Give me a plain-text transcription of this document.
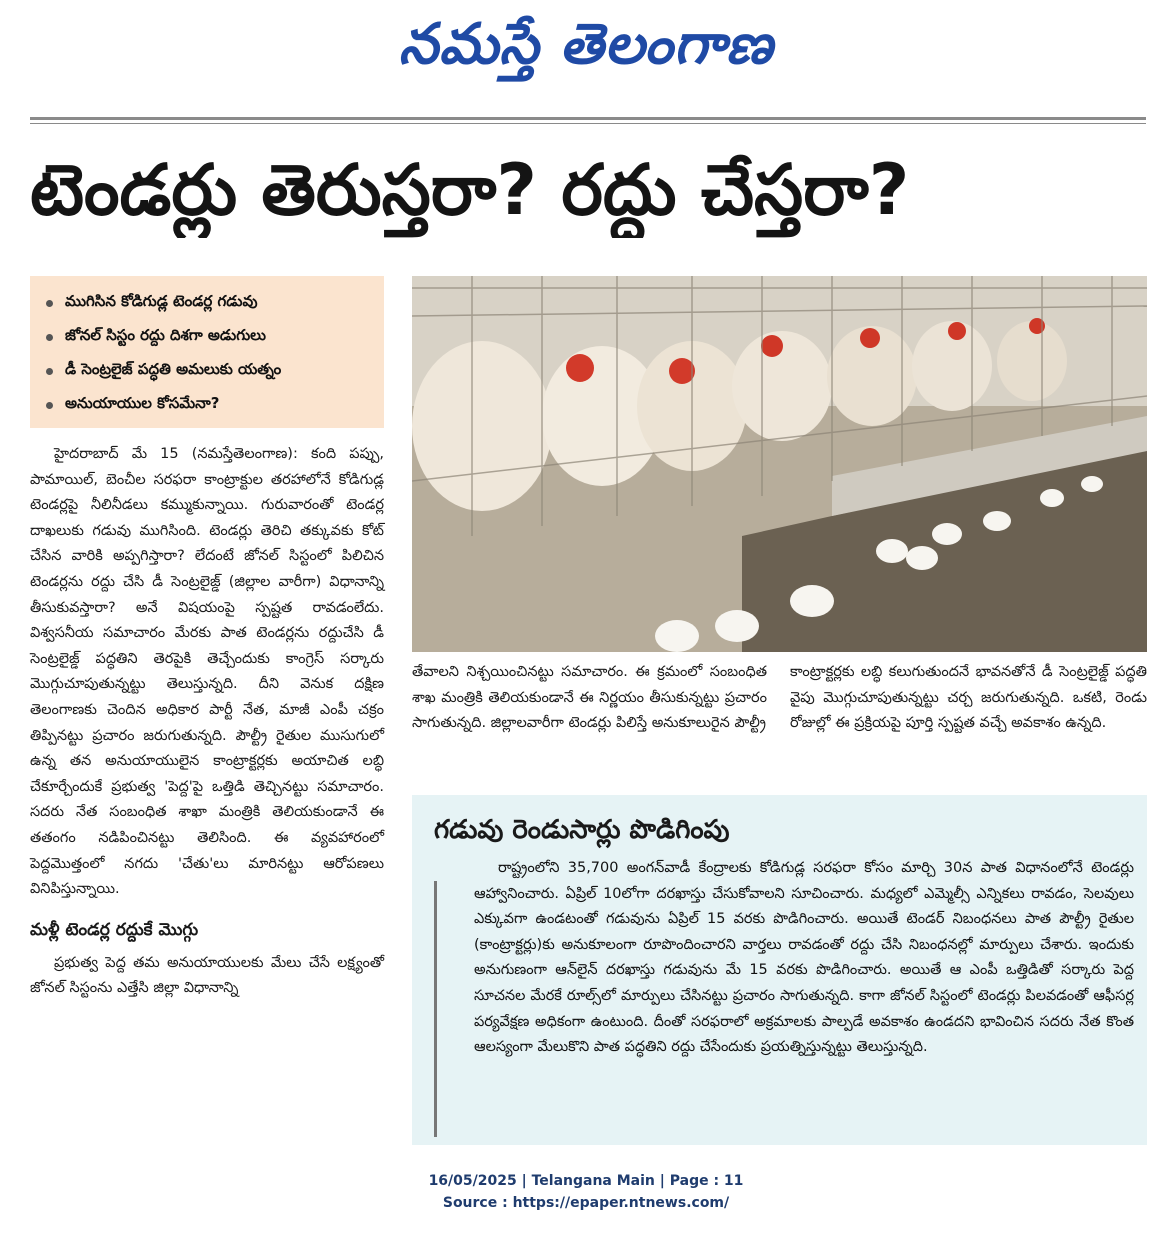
నమస్తే తెలంగాణ
టెండర్లు తెరుస్తరా? రద్దు చేస్తరా?
ముగిసిన కోడిగుడ్ల టెండర్ల గడువు
జోనల్ సిస్టం రద్దు దిశగా అడుగులు
డీ సెంట్రలైజ్ పద్ధతి అమలుకు యత్నం
అనుయాయుల కోసమేనా?

హైదరాబాద్ మే 15 (నమస్తేతెలంగాణ): కంది పప్పు, పామాయిల్, బెంచీల సరఫరా కాంట్రాక్టుల తరహాలోనే కోడిగుడ్ల టెండర్లపై నీలినీడలు కమ్ముకున్నాయి. గురువారంతో టెండర్ల దాఖలుకు గడువు ముగిసింది. టెండర్లు తెరిచి తక్కువకు కోట్ చేసిన వారికి అప్పగిస్తారా? లేదంటే జోనల్ సిస్టంలో పిలిచిన టెండర్లను రద్దు చేసి డీ సెంట్రలైజ్డ్ (జిల్లాల వారీగా) విధానాన్ని తీసుకువస్తారా? అనే విషయంపై స్పష్టత రావడంలేదు. విశ్వసనీయ సమాచారం మేరకు పాత టెండర్లను రద్దుచేసి డీ సెంట్రలైజ్డ్ పద్ధతిని తెరపైకి తెచ్చేందుకు కాంగ్రెస్ సర్కారు మొగ్గుచూపుతున్నట్టు తెలుస్తున్నది. దీని వెనుక దక్షిణ తెలంగాణకు చెందిన అధికార పార్టీ నేత, మాజీ ఎంపీ చక్రం తిప్పినట్టు ప్రచారం జరుగుతున్నది. పౌల్ట్రీ రైతుల ముసుగులో ఉన్న తన అనుయాయులైన కాంట్రాక్టర్లకు అయాచిత లబ్ధి చేకూర్చేందుకే ప్రభుత్వ 'పెద్ద'పై ఒత్తిడి తెచ్చినట్టు సమాచారం. సదరు నేత సంబంధిత శాఖా మంత్రికి తెలియకుండానే ఈ తతంగం నడిపించినట్టు తెలిసింది. ఈ వ్యవహారంలో పెద్దమొత్తంలో నగదు 'చేతు'లు మారినట్టు ఆరోపణలు వినిపిస్తున్నాయి.

మళ్లీ టెండర్ల రద్దుకే మొగ్గు

ప్రభుత్వ పెద్ద తమ అనుయాయులకు మేలు చేసే లక్ష్యంతో జోనల్ సిస్టంను ఎత్తేసి జిల్లా విధానాన్ని

తేవాలని నిశ్చయించినట్టు సమాచారం. ఈ క్రమంలో సంబంధిత శాఖ మంత్రికి తెలియకుండానే ఈ నిర్ణయం తీసుకున్నట్టు ప్రచారం సాగుతున్నది. జిల్లాలవారీగా టెండర్లు పిలిస్తే అనుకూలురైన పౌల్ట్రీ

కాంట్రాక్టర్లకు లబ్ధి కలుగుతుందనే భావనతోనే డీ సెంట్రలైజ్డ్ పద్ధతి వైపు మొగ్గుచూపుతున్నట్టు చర్చ జరుగుతున్నది. ఒకటి, రెండు రోజుల్లో ఈ ప్రక్రియపై పూర్తి స్పష్టత వచ్చే అవకాశం ఉన్నది.

గడువు రెండుసార్లు పొడిగింపు

రాష్ట్రంలోని 35,700 అంగన్‌వాడీ కేంద్రాలకు కోడిగుడ్ల సరఫరా కోసం మార్చి 30న పాత విధానంలోనే టెండర్లు ఆహ్వానించారు. ఏప్రిల్ 10లోగా దరఖాస్తు చేసుకోవాలని సూచించారు. మధ్యలో ఎమ్మెల్సీ ఎన్నికలు రావడం, సెలవులు ఎక్కువగా ఉండటంతో గడువును ఏప్రిల్ 15 వరకు పొడిగించారు. అయితే టెండర్ నిబంధనలు పాత పౌల్ట్రీ రైతుల (కాంట్రాక్టర్లు)కు అనుకూలంగా రూపొందించారని వార్తలు రావడంతో రద్దు చేసి నిబంధనల్లో మార్పులు చేశారు. ఇందుకు అనుగుణంగా ఆన్‌లైన్ దరఖాస్తు గడువును మే 15 వరకు పొడిగించారు. అయితే ఆ ఎంపీ ఒత్తిడితో సర్కారు పెద్ద సూచనల మేరకే రూల్స్‌లో మార్పులు చేసినట్టు ప్రచారం సాగుతున్నది. కాగా జోనల్ సిస్టంలో టెండర్లు పిలవడంతో ఆఫీసర్ల పర్యవేక్షణ అధికంగా ఉంటుంది. దీంతో సరఫరాలో అక్రమాలకు పాల్పడే అవకాశం ఉండదని భావించిన సదరు నేత కొంత ఆలస్యంగా మేలుకొని పాత పద్ధతిని రద్దు చేసేందుకు ప్రయత్నిస్తున్నట్టు తెలుస్తున్నది.

16/05/2025 | Telangana Main | Page : 11
Source : https://epaper.ntnews.com/
